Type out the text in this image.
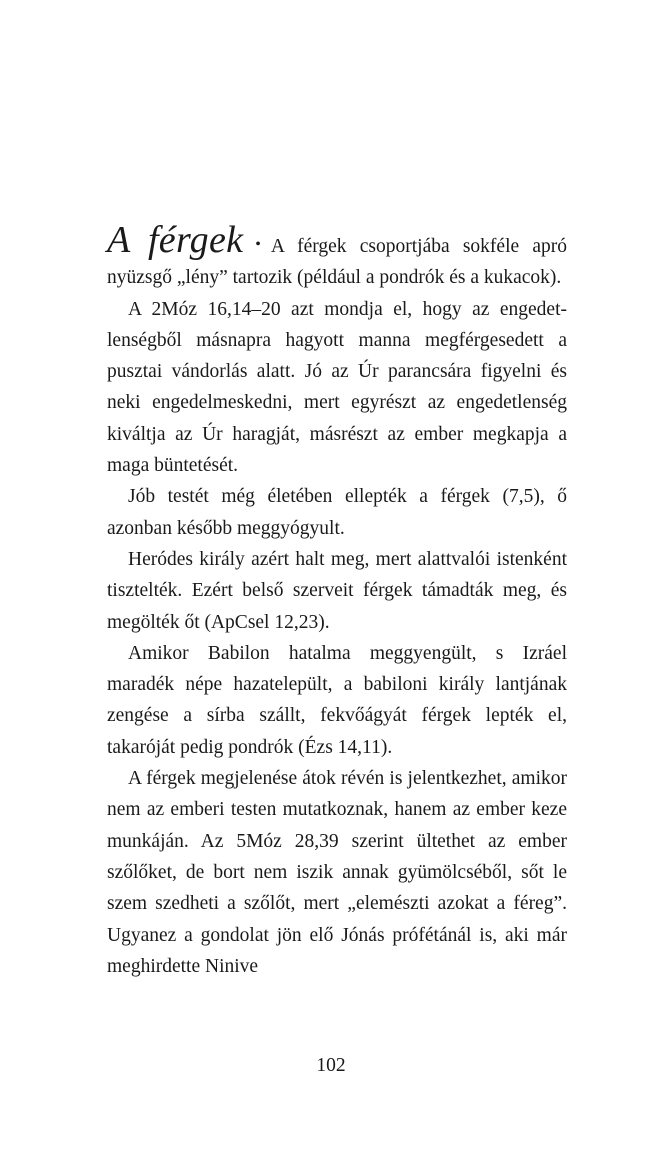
A férgek • A férgek csoportjába sokféle apró nyüzsgő „lény” tartozik (például a pondrók és a kukacok).

A 2Móz 16,14–20 azt mondja el, hogy az engedetlenségből másnapra hagyott manna megférgesedett a pusztai vándorlás alatt. Jó az Úr parancsára figyelni és neki engedelmeskedni, mert egyrészt az engedetlenség kiváltja az Úr haragját, másrészt az ember megkapja a maga büntetését.

Jób testét még életében ellepték a férgek (7,5), ő azonban később meggyógyult.

Heródes király azért halt meg, mert alattvalói istenként tisztelték. Ezért belső szerveit férgek támadták meg, és megölték őt (ApCsel 12,23).

Amikor Babilon hatalma meggyengült, s Izráel maradék népe hazatelepült, a babiloni király lantjának zengése a sírba szállt, fekvőágyát férgek lepték el, takaróját pedig pondrók (Ézs 14,11).

A férgek megjelenése átok révén is jelentkezhet, amikor nem az emberi testen mutatkoznak, hanem az ember keze munkáján. Az 5Móz 28,39 szerint ültethet az ember szőlőket, de bort nem iszik annak gyümölcséből, sőt le szem szedheti a szőlőt, mert „elemészti azokat a féreg”. Ugyanez a gondolat jön elő Jónás prófétánál is, aki már meghirdette Ninive

102
